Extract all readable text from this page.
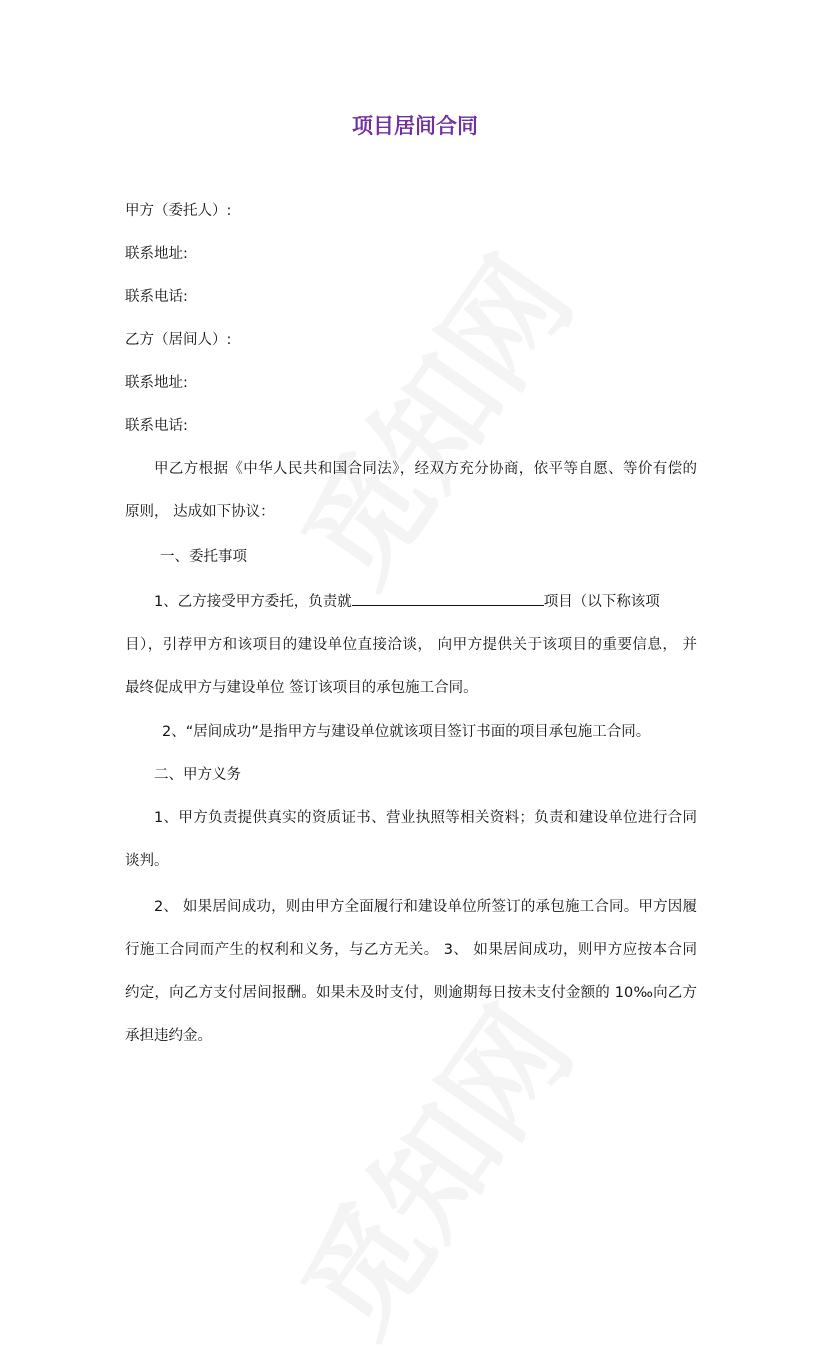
项目居间合同
甲方（委托人）:
联系地址:
联系电话:
乙方（居间人）:
联系地址:
联系电话:
甲乙方根据《中华人民共和国合同法》，经双方充分协商，依平等自愿、等价有偿的
原则， 达成如下协议：
一、委托事项
1、乙方接受甲方委托，负责就	项目（以下称该项
目），引荐甲方和该项目的建设单位直接洽谈， 向甲方提供关于该项目的重要信息， 并
最终促成甲方与建设单位 签订该项目的承包施工合同。
2、“居间成功”是指甲方与建设单位就该项目签订书面的项目承包施工合同。
二、甲方义务
1、甲方负责提供真实的资质证书、营业执照等相关资料；负责和建设单位进行合同
谈判。
2、 如果居间成功，则由甲方全面履行和建设单位所签订的承包施工合同。甲方因履
行施工合同而产生的权利和义务，与乙方无关。 3、 如果居间成功，则甲方应按本合同
约定，向乙方支付居间报酬。如果未及时支付，则逾期每日按未支付金额的 10‰向乙方
承担违约金。
